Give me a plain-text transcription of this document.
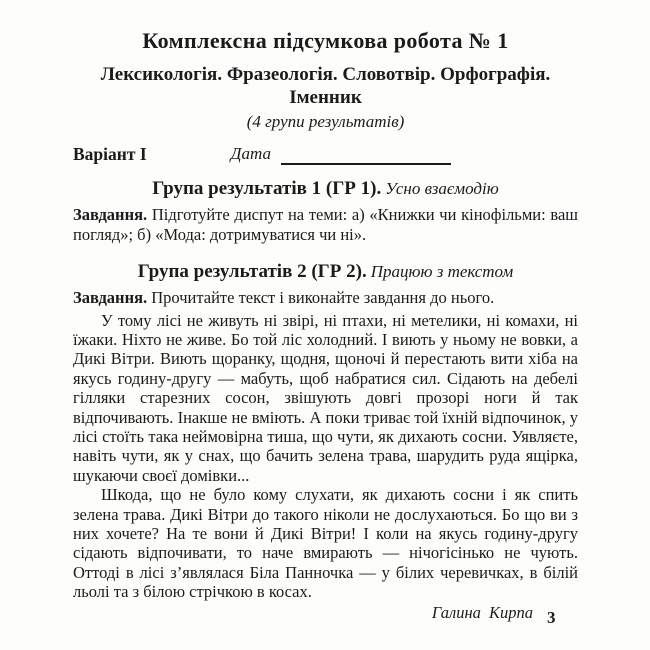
Комплексна підсумкова робота № 1
Лексикологія. Фразеологія. Словотвір. Орфографія.
Іменник
(4 групи результатів)
Варіант І	Дата
Група результатів 1 (ГР 1). Усно взаємодію

Завдання. Підготуйте диспут на теми: а) «Книжки чи кінофільми: ваш погляд»; б) «Мода: дотримуватися чи ні».

Група результатів 2 (ГР 2). Працюю з текстом

Завдання. Прочитайте текст і виконайте завдання до нього.

У тому лісі не живуть ні звірі, ні птахи, ні метелики, ні комахи, ні їжаки. Ніхто не живе. Бо той ліс холодний. І виють у ньому не вовки, а Дикі Вітри. Виють щоранку, щодня, щоночі й перестають вити хіба на якусь годину-другу — мабуть, щоб набратися сил. Сідають на дебелі гілляки старезних сосон, звішують довгі прозорі ноги й так відпочивають. Інакше не вміють. А поки триває той їхній відпочинок, у лісі стоїть така неймовірна тиша, що чути, як дихають сосни. Уявляєте, навіть чути, як у снах, що бачить зелена трава, шарудить руда ящірка, шукаючи своєї домівки...

Шкода, що не було кому слухати, як дихають сосни і як спить зелена трава. Дикі Вітри до такого ніколи не дослухаються. Бо що ви з них хочете? На те вони й Дикі Вітри! І коли на якусь годину-другу сідають відпочивати, то наче вмирають — нічогісінько не чують. Оттоді в лісі з’являлася Біла Панночка — у білих черевичках, в білій льолі та з білою стрічкою в косах.

Галина Кирпа 3
